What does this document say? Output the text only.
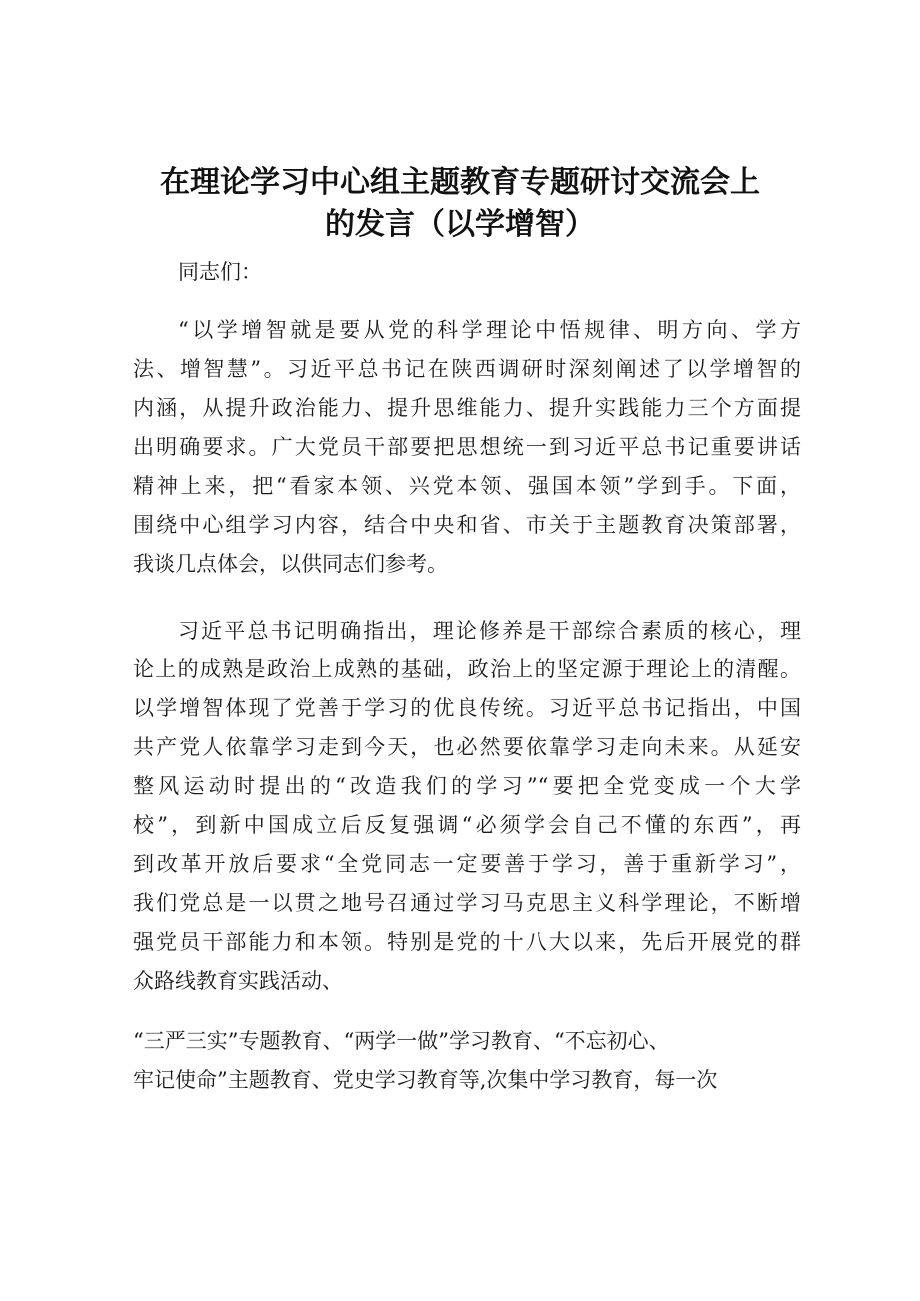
在理论学习中心组主题教育专题研讨交流会上
的发言（以学增智）
同志们：
“以学增智就是要从党的科学理论中悟规律、明方向、学方
法、增智慧”。习近平总书记在陕西调研时深刻阐述了以学增智的
内涵，从提升政治能力、提升思维能力、提升实践能力三个方面提
出明确要求。广大党员干部要把思想统一到习近平总书记重要讲话
精神上来，把“看家本领、兴党本领、强国本领”学到手。下面，
围绕中心组学习内容，结合中央和省、市关于主题教育决策部署，
我谈几点体会，以供同志们参考。
习近平总书记明确指出，理论修养是干部综合素质的核心，理
论上的成熟是政治上成熟的基础，政治上的坚定源于理论上的清醒。
以学增智体现了党善于学习的优良传统。习近平总书记指出，中国
共产党人依靠学习走到今天，也必然要依靠学习走向未来。从延安
整风运动时提出的“改造我们的学习”“要把全党变成一个大学
校”，到新中国成立后反复强调“必须学会自己不懂的东西”，再
到改革开放后要求“全党同志一定要善于学习，善于重新学习”，
我们党总是一以贯之地号召通过学习马克思主义科学理论，不断增
强党员干部能力和本领。特别是党的十八大以来，先后开展党的群
众路线教育实践活动、
“三严三实”专题教育、“两学一做”学习教育、“不忘初心、
牢记使命”主题教育、党史学习教育等,次集中学习教育，每一次
